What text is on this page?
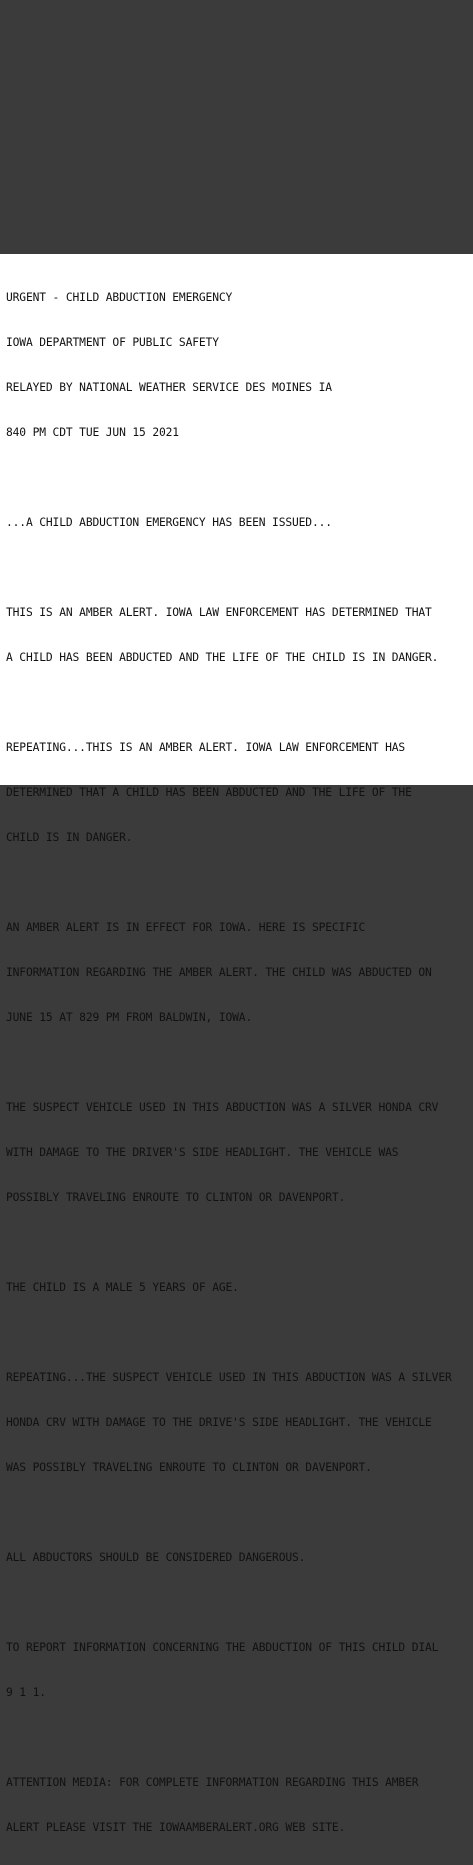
URGENT - CHILD ABDUCTION EMERGENCY

IOWA DEPARTMENT OF PUBLIC SAFETY

RELAYED BY NATIONAL WEATHER SERVICE DES MOINES IA

840 PM CDT TUE JUN 15 2021

...A CHILD ABDUCTION EMERGENCY HAS BEEN ISSUED...

THIS IS AN AMBER ALERT. IOWA LAW ENFORCEMENT HAS DETERMINED THAT

A CHILD HAS BEEN ABDUCTED AND THE LIFE OF THE CHILD IS IN DANGER.

REPEATING...THIS IS AN AMBER ALERT. IOWA LAW ENFORCEMENT HAS

DETERMINED THAT A CHILD HAS BEEN ABDUCTED AND THE LIFE OF THE

CHILD IS IN DANGER.

AN AMBER ALERT IS IN EFFECT FOR IOWA. HERE IS SPECIFIC

INFORMATION REGARDING THE AMBER ALERT. THE CHILD WAS ABDUCTED ON

JUNE 15 AT 829 PM FROM BALDWIN, IOWA.

THE SUSPECT VEHICLE USED IN THIS ABDUCTION WAS A SILVER HONDA CRV

WITH DAMAGE TO THE DRIVER'S SIDE HEADLIGHT. THE VEHICLE WAS

POSSIBLY TRAVELING ENROUTE TO CLINTON OR DAVENPORT.

THE CHILD IS A MALE 5 YEARS OF AGE.

REPEATING...THE SUSPECT VEHICLE USED IN THIS ABDUCTION WAS A SILVER

HONDA CRV WITH DAMAGE TO THE DRIVE'S SIDE HEADLIGHT. THE VEHICLE

WAS POSSIBLY TRAVELING ENROUTE TO CLINTON OR DAVENPORT.

ALL ABDUCTORS SHOULD BE CONSIDERED DANGEROUS.

TO REPORT INFORMATION CONCERNING THE ABDUCTION OF THIS CHILD DIAL

9 1 1.

ATTENTION MEDIA: FOR COMPLETE INFORMATION REGARDING THIS AMBER

ALERT PLEASE VISIT THE IOWAAMBERALERT.ORG WEB SITE.
